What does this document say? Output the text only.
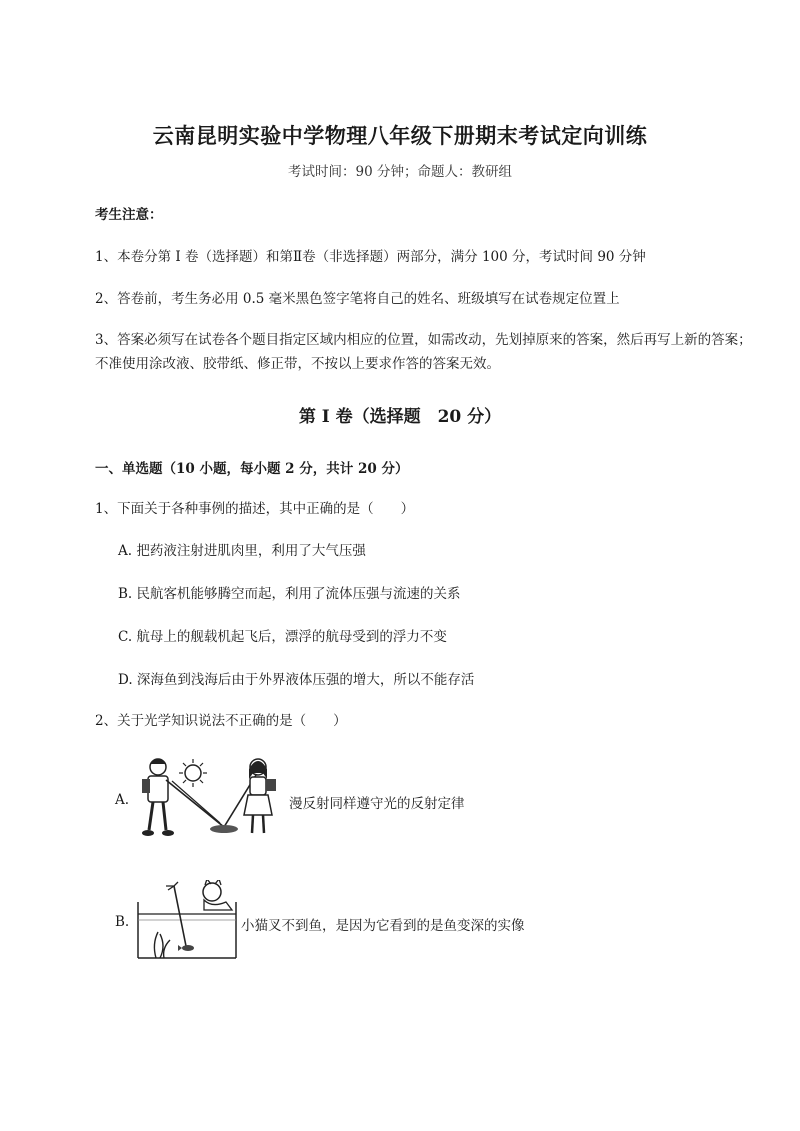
云南昆明实验中学物理八年级下册期末考试定向训练
考试时间：90 分钟；命题人：教研组
考生注意：
1、本卷分第 I 卷（选择题）和第Ⅱ卷（非选择题）两部分，满分 100 分，考试时间 90 分钟
2、答卷前，考生务必用 0.5 毫米黑色签字笔将自己的姓名、班级填写在试卷规定位置上
3、答案必须写在试卷各个题目指定区域内相应的位置，如需改动，先划掉原来的答案，然后再写上新的答案；不准使用涂改液、胶带纸、修正带，不按以上要求作答的答案无效。
第 I 卷（选择题　20 分）
一、单选题（10 小题，每小题 2 分，共计 20 分）
1、下面关于各种事例的描述，其中正确的是（　　）
A. 把药液注射进肌肉里，利用了大气压强
B. 民航客机能够腾空而起，利用了流体压强与流速的关系
C. 航母上的舰载机起飞后，漂浮的航母受到的浮力不变
D. 深海鱼到浅海后由于外界液体压强的增大，所以不能存活
2、关于光学知识说法不正确的是（　　）
A.	漫反射同样遵守光的反射定律
B.	小猫叉不到鱼，是因为它看到的是鱼变深的实像
